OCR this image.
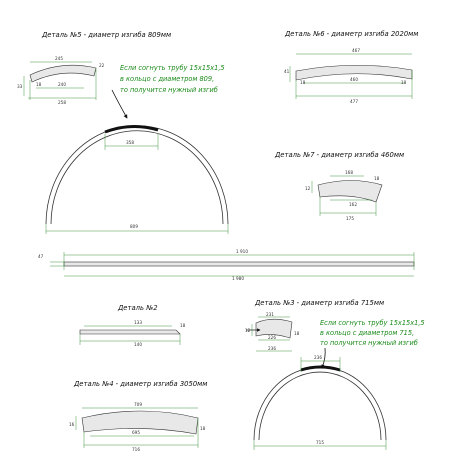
Деталь №5 - диаметр изгиба 809мм
245
22
33	18	240
258
Если согнуть трубу 15х15х1,5
в кольцо с диаметром 809,
то получится нужный изгиб
358
809
Деталь №6 - диаметр изгиба 2020мм
467
41
18
460
18
477
Деталь №7 - диаметр изгиба 460мм
168
12
18
162
175
47
1 910
1 980
Деталь №2
133
18
140
Деталь №3 - диаметр изгиба 715мм
231
12
18
226
236
Если согнуть трубу 15х15х1,5
в кольцо с диаметром 715,
то получится нужный изгиб
236
715
Деталь №4 - диаметр изгиба 3050мм
709
16
695
18
716
